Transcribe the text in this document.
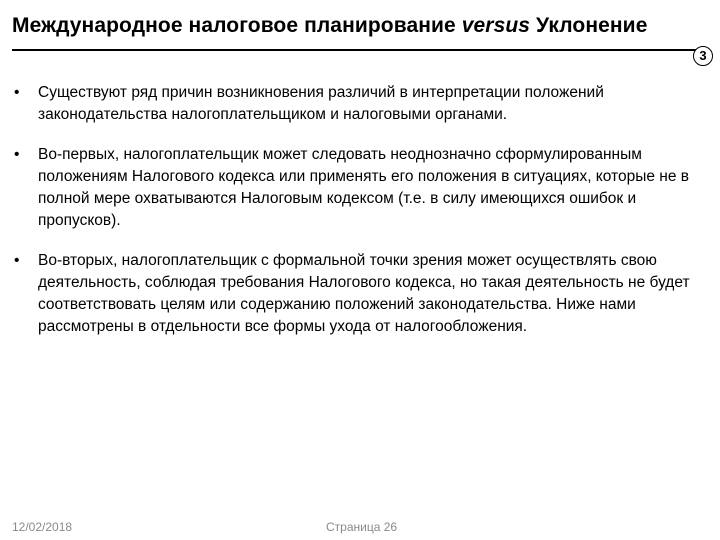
Международное налоговое планирование versus Уклонение
3
• Существуют ряд причин возникновения различий в интерпретации положений законодательства налогоплательщиком и налоговыми органами.
• Во-первых, налогоплательщик может следовать неоднозначно сформулированным положениям Налогового кодекса или применять его положения в ситуациях, которые не в полной мере охватываются Налоговым кодексом (т.е. в силу имеющихся ошибок и пропусков).
• Во-вторых, налогоплательщик с формальной точки зрения может осуществлять свою деятельность, соблюдая требования Налогового кодекса, но такая деятельность не будет соответствовать целям или содержанию положений законодательства. Ниже нами рассмотрены в отдельности все формы ухода от налогообложения.
12/02/2018	Страница 26
